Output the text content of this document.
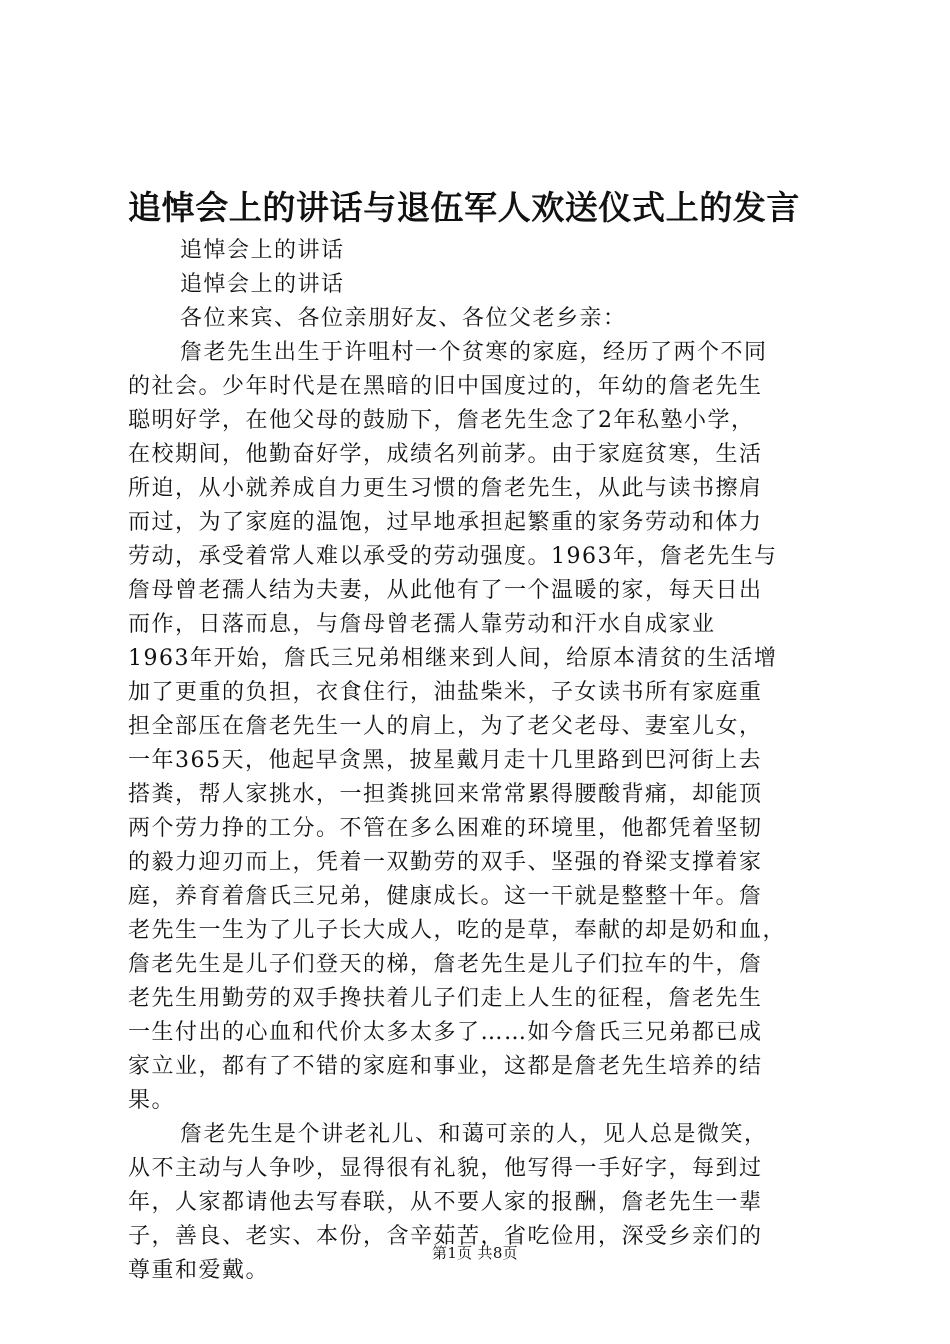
追悼会上的讲话与退伍军人欢送仪式上的发言
追悼会上的讲话
追悼会上的讲话
各位来宾、各位亲朋好友、各位父老乡亲：
詹老先生出生于许咀村一个贫寒的家庭，经历了两个不同
的社会。少年时代是在黑暗的旧中国度过的，年幼的詹老先生
聪明好学，在他父母的鼓励下，詹老先生念了2年私塾小学，
在校期间，他勤奋好学，成绩名列前茅。由于家庭贫寒，生活
所迫，从小就养成自力更生习惯的詹老先生，从此与读书擦肩
而过，为了家庭的温饱，过早地承担起繁重的家务劳动和体力
劳动，承受着常人难以承受的劳动强度。1963年，詹老先生与
詹母曾老孺人结为夫妻，从此他有了一个温暖的家，每天日出
而作，日落而息，与詹母曾老孺人靠劳动和汗水自成家业
1963年开始，詹氏三兄弟相继来到人间，给原本清贫的生活增
加了更重的负担，衣食住行，油盐柴米，子女读书所有家庭重
担全部压在詹老先生一人的肩上，为了老父老母、妻室儿女，
一年365天，他起早贪黑，披星戴月走十几里路到巴河街上去
搭粪，帮人家挑水，一担粪挑回来常常累得腰酸背痛，却能顶
两个劳力挣的工分。不管在多么困难的环境里，他都凭着坚韧
的毅力迎刃而上，凭着一双勤劳的双手、坚强的脊梁支撑着家
庭，养育着詹氏三兄弟，健康成长。这一干就是整整十年。詹
老先生一生为了儿子长大成人，吃的是草，奉献的却是奶和血，
詹老先生是儿子们登天的梯，詹老先生是儿子们拉车的牛，詹
老先生用勤劳的双手搀扶着儿子们走上人生的征程，詹老先生
一生付出的心血和代价太多太多了……如今詹氏三兄弟都已成
家立业，都有了不错的家庭和事业，这都是詹老先生培养的结
果。
詹老先生是个讲老礼儿、和蔼可亲的人，见人总是微笑，
从不主动与人争吵，显得很有礼貌，他写得一手好字，每到过
年，人家都请他去写春联，从不要人家的报酬，詹老先生一辈
子，善良、老实、本份，含辛茹苦，省吃俭用，深受乡亲们的
尊重和爱戴。
第1页 共8页
